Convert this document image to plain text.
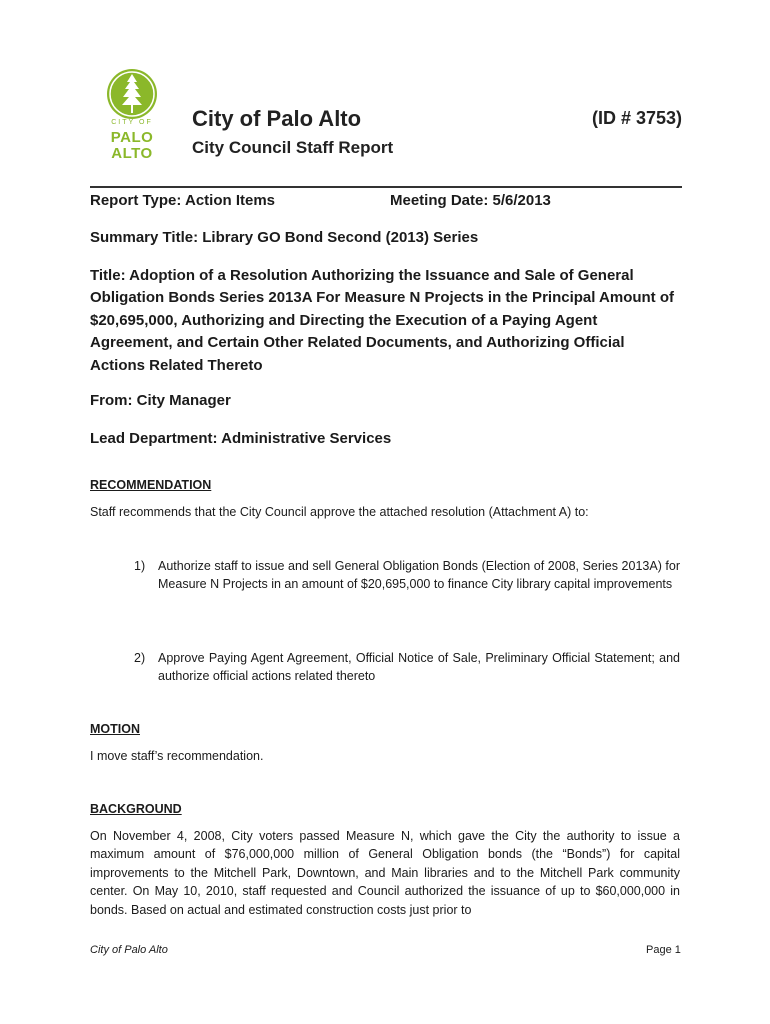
CITY OF
PALO
ALTO
City of Palo Alto	(ID # 3753)
City Council Staff Report
Report Type: Action Items	Meeting Date: 5/6/2013
Summary Title: Library GO Bond Second (2013) Series
Title: Adoption of a Resolution Authorizing the Issuance and Sale of General Obligation Bonds Series 2013A For Measure N Projects in the Principal Amount of $20,695,000, Authorizing and Directing the Execution of a Paying Agent Agreement, and Certain Other Related Documents, and Authorizing Official Actions Related Thereto
From: City Manager
Lead Department: Administrative Services
RECOMMENDATION
Staff recommends that the City Council approve the attached resolution (Attachment A) to:
1) Authorize staff to issue and sell General Obligation Bonds (Election of 2008, Series 2013A) for Measure N Projects in an amount of $20,695,000 to finance City library capital improvements
2) Approve Paying Agent Agreement, Official Notice of Sale, Preliminary Official Statement; and authorize official actions related thereto
MOTION
I move staff’s recommendation.
BACKGROUND
On November 4, 2008, City voters passed Measure N, which gave the City the authority to issue a maximum amount of $76,000,000 million of General Obligation bonds (the “Bonds”) for capital improvements to the Mitchell Park, Downtown, and Main libraries and to the Mitchell Park community center. On May 10, 2010, staff requested and Council authorized the issuance of up to $60,000,000 in bonds. Based on actual and estimated construction costs just prior to
City of Palo Alto	Page 1
